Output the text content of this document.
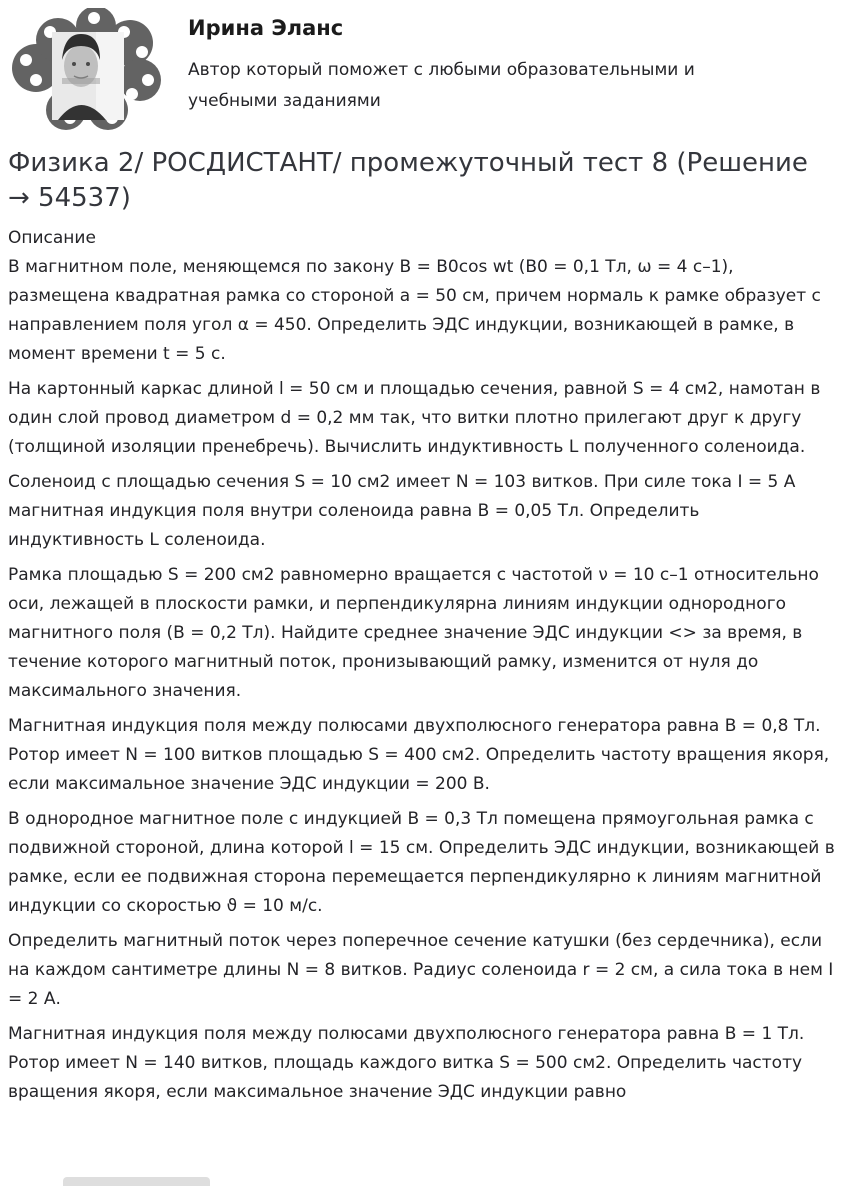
Ирина Эланс
Автор который поможет с любыми образовательными и учебными заданиями
Физика 2/ РОСДИСТАНТ/ промежуточный тест 8 (Решение → 54537)
Описание

В магнитном поле, меняющемся по закону B = B0cos wt (B0 = 0,1 Тл, ω = 4 с–1), размещена квадратная рамка со стороной а = 50 см, причем нормаль к рамке образует с направлением поля угол α = 450. Определить ЭДС индукции, возникающей в рамке, в момент времени t = 5 с.

На картонный каркас длиной l = 50 см и площадью сечения, равной S = 4 см2, намотан в один слой провод диаметром d = 0,2 мм так, что витки плотно прилегают друг к другу (толщиной изоляции пренебречь). Вычислить индуктивность L полученного соленоида.

Соленоид с площадью сечения S = 10 см2 имеет N = 103 витков. При силе тока I = 5 А магнитная индукция поля внутри соленоида равна B = 0,05 Тл. Определить индуктивность L соленоида.

Рамка площадью S = 200 см2 равномерно вращается с частотой ν = 10 с–1 относительно оси, лежащей в плоскости рамки, и перпендикулярна линиям индукции однородного магнитного поля (B = 0,2 Тл). Найдите среднее значение ЭДС индукции <> за время, в течение которого магнитный поток, пронизывающий рамку, изменится от нуля до максимального значения.

Магнитная индукция поля между полюсами двухполюсного генератора равна B = 0,8 Тл. Ротор имеет N = 100 витков площадью S = 400 см2. Определить частоту вращения якоря, если максимальное значение ЭДС индукции = 200 В.

В однородное магнитное поле с индукцией B = 0,3 Тл помещена прямоугольная рамка с подвижной стороной, длина которой l = 15 см. Определить ЭДС индукции, возникающей в рамке, если ее подвижная сторона перемещается перпендикулярно к линиям магнитной индукции со скоростью ϑ = 10 м/с.

Определить магнитный поток через поперечное сечение катушки (без сердечника), если на каждом сантиметре длины N = 8 витков. Радиус соленоида r = 2 см, а сила тока в нем I = 2 А.

Магнитная индукция поля между полюсами двухполюсного генератора равна B = 1 Тл. Ротор имеет N = 140 витков, площадь каждого витка S = 500 см2. Определить частоту вращения якоря, если максимальное значение ЭДС индукции равно
